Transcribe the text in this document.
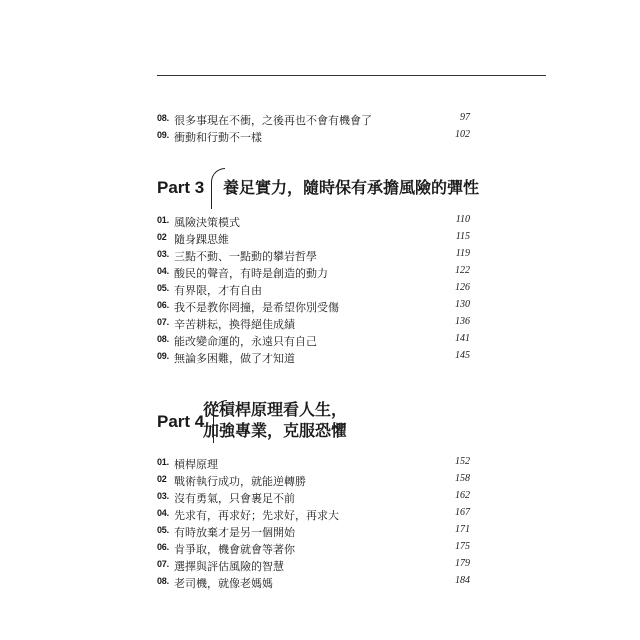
08. 很多事現在不衝，之後再也不會有機會了	97
09. 衝動和行動不一樣	102
Part 3 養足實力，隨時保有承擔風險的彈性
01. 風險決策模式	110
02 隨身踝思維	115
03. 三點不動、一點動的攀岩哲學	119
04. 酸民的聲音，有時是創造的動力	122
05. 有界限，才有自由	126
06. 我不是教你罔撞，是希望你別受傷	130
07. 辛苦耕耘，換得絕佳成績	136
08. 能改變命運的，永遠只有自己	141
09. 無論多困難，做了才知道	145
Part 4
從槓桿原理看人生，
加強專業，克服恐懼
01. 槓桿原理	152
02 戰術執行成功，就能逆轉勝	158
03. 沒有勇氣，只會裹足不前	162
04. 先求有，再求好；先求好，再求大	167
05. 有時放棄才是另一個開始	171
06. 肯爭取，機會就會等著你	175
07. 選擇與評估風險的智慧	179
08. 老司機，就像老媽媽	184
